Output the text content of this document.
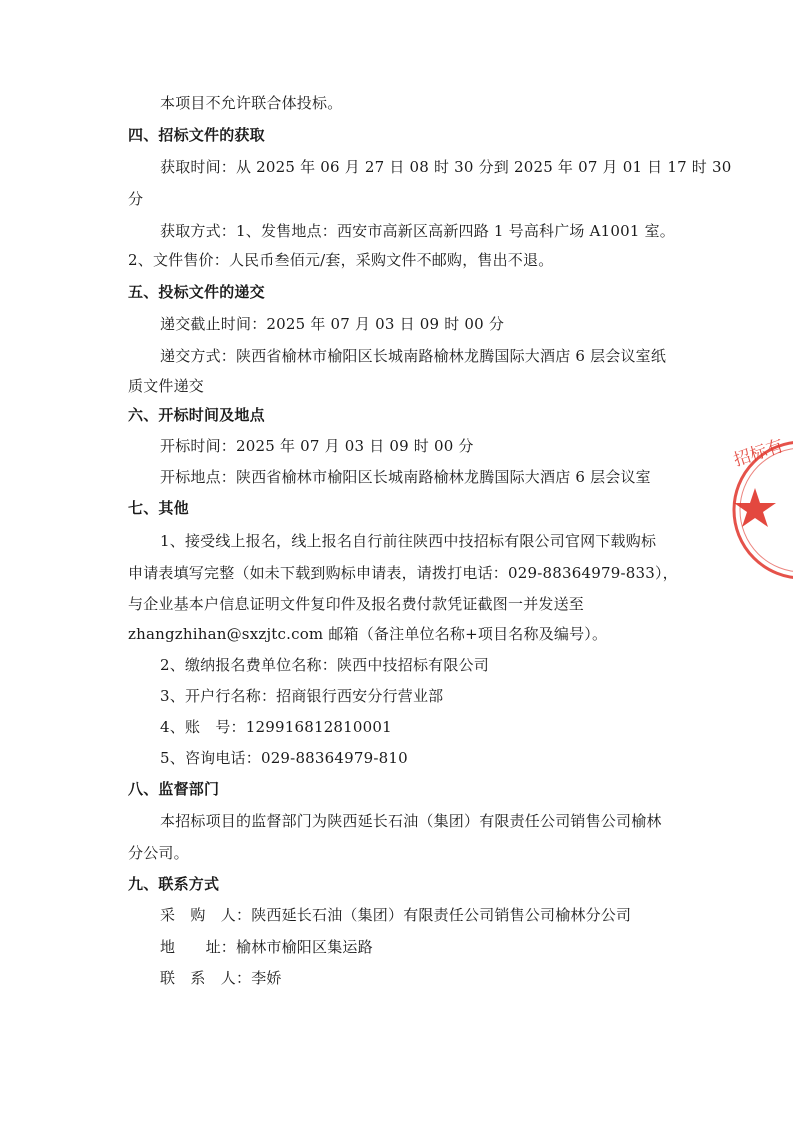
本项目不允许联合体投标。
四、招标文件的获取
获取时间：从 2025 年 06 月 27 日 08 时 30 分到 2025 年 07 月 01 日 17 时 30
分
获取方式：1、发售地点：西安市高新区高新四路 1 号高科广场 A1001 室。
2、文件售价：人民币叁佰元/套，采购文件不邮购，售出不退。
五、投标文件的递交
递交截止时间：2025 年 07 月 03 日 09 时 00 分
递交方式：陕西省榆林市榆阳区长城南路榆林龙腾国际大酒店 6 层会议室纸
质文件递交
六、开标时间及地点
开标时间：2025 年 07 月 03 日 09 时 00 分
开标地点：陕西省榆林市榆阳区长城南路榆林龙腾国际大酒店 6 层会议室
七、其他
1、接受线上报名，线上报名自行前往陕西中技招标有限公司官网下载购标
申请表填写完整（如未下载到购标申请表，请拨打电话：029-88364979-833），
与企业基本户信息证明文件复印件及报名费付款凭证截图一并发送至
zhangzhihan@sxzjtc.com 邮箱（备注单位名称+项目名称及编号）。
2、缴纳报名费单位名称：陕西中技招标有限公司
3、开户行名称：招商银行西安分行营业部
4、账　号：129916812810001
5、咨询电话：029-88364979-810
八、监督部门
本招标项目的监督部门为陕西延长石油（集团）有限责任公司销售公司榆林
分公司。
九、联系方式
采　购　人：陕西延长石油（集团）有限责任公司销售公司榆林分公司
地　　址：榆林市榆阳区集运路
联　系　人：李娇
招标有
